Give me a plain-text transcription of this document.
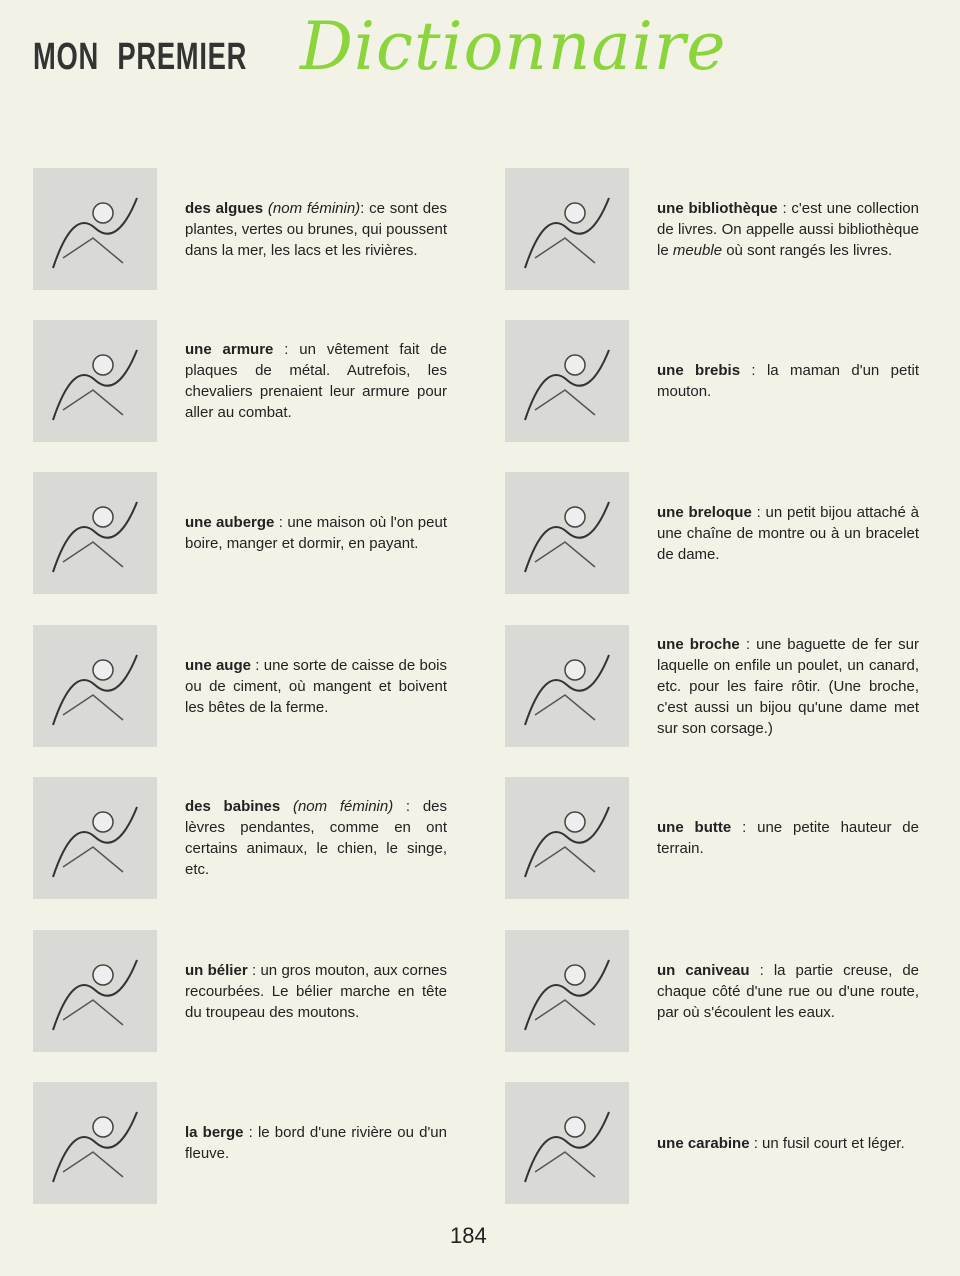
MON PREMIER Dictionnaire

des algues (nom féminin): ce sont des plantes, vertes ou brunes, qui poussent dans la mer, les lacs et les rivières.

une armure : un vêtement fait de plaques de métal. Autrefois, les chevaliers prenaient leur armure pour aller au combat.

une auberge : une maison où l'on peut boire, manger et dormir, en payant.

une auge : une sorte de caisse de bois ou de ciment, où mangent et boivent les bêtes de la ferme.

des babines (nom féminin) : des lèvres pendantes, comme en ont certains animaux, le chien, le singe, etc.

un bélier : un gros mouton, aux cornes recourbées. Le bélier marche en tête du troupeau des moutons.

la berge : le bord d'une rivière ou d'un fleuve.

une bibliothèque : c'est une collection de livres. On appelle aussi bibliothèque le meuble où sont rangés les livres.

une brebis : la maman d'un petit mouton.

une breloque : un petit bijou attaché à une chaîne de montre ou à un bracelet de dame.

une broche : une baguette de fer sur laquelle on enfile un poulet, un canard, etc. pour les faire rôtir. (Une broche, c'est aussi un bijou qu'une dame met sur son corsage.)

une butte : une petite hauteur de terrain.

un caniveau : la partie creuse, de chaque côté d'une rue ou d'une route, par où s'écoulent les eaux.

une carabine : un fusil court et léger.

184
